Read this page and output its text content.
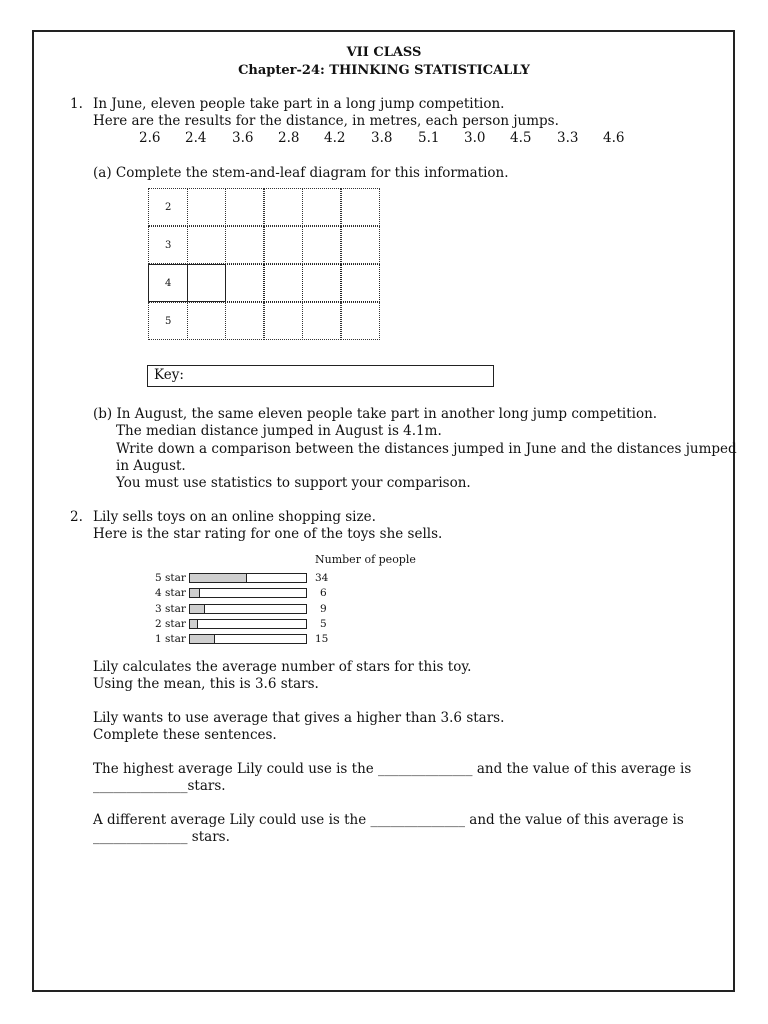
VII CLASS
Chapter-24: THINKING STATISTICALLY
1. In June, eleven people take part in a long jump competition.
Here are the results for the distance, in metres, each person jumps.
2.6 2.4 3.6 2.8 4.2 3.8 5.1 3.0 4.5 3.3 4.6
(a) Complete the stem-and-leaf diagram for this information.
2
3
4
5
Key:
(b) In August, the same eleven people take part in another long jump competition.
The median distance jumped in August is 4.1m.
Write down a comparison between the distances jumped in June and the distances jumped
in August.
You must use statistics to support your comparison.
2. Lily sells toys on an online shopping size.
Here is the star rating for one of the toys she sells.
Number of people
5 star	34
4 star	6
3 star	9
2 star	5
1 star	15
Lily calculates the average number of stars for this toy.
Using the mean, this is 3.6 stars.
Lily wants to use average that gives a higher than 3.6 stars.
Complete these sentences.
The highest average Lily could use is the ______________ and the value of this average is
______________stars.
A different average Lily could use is the ______________ and the value of this average is
______________ stars.
